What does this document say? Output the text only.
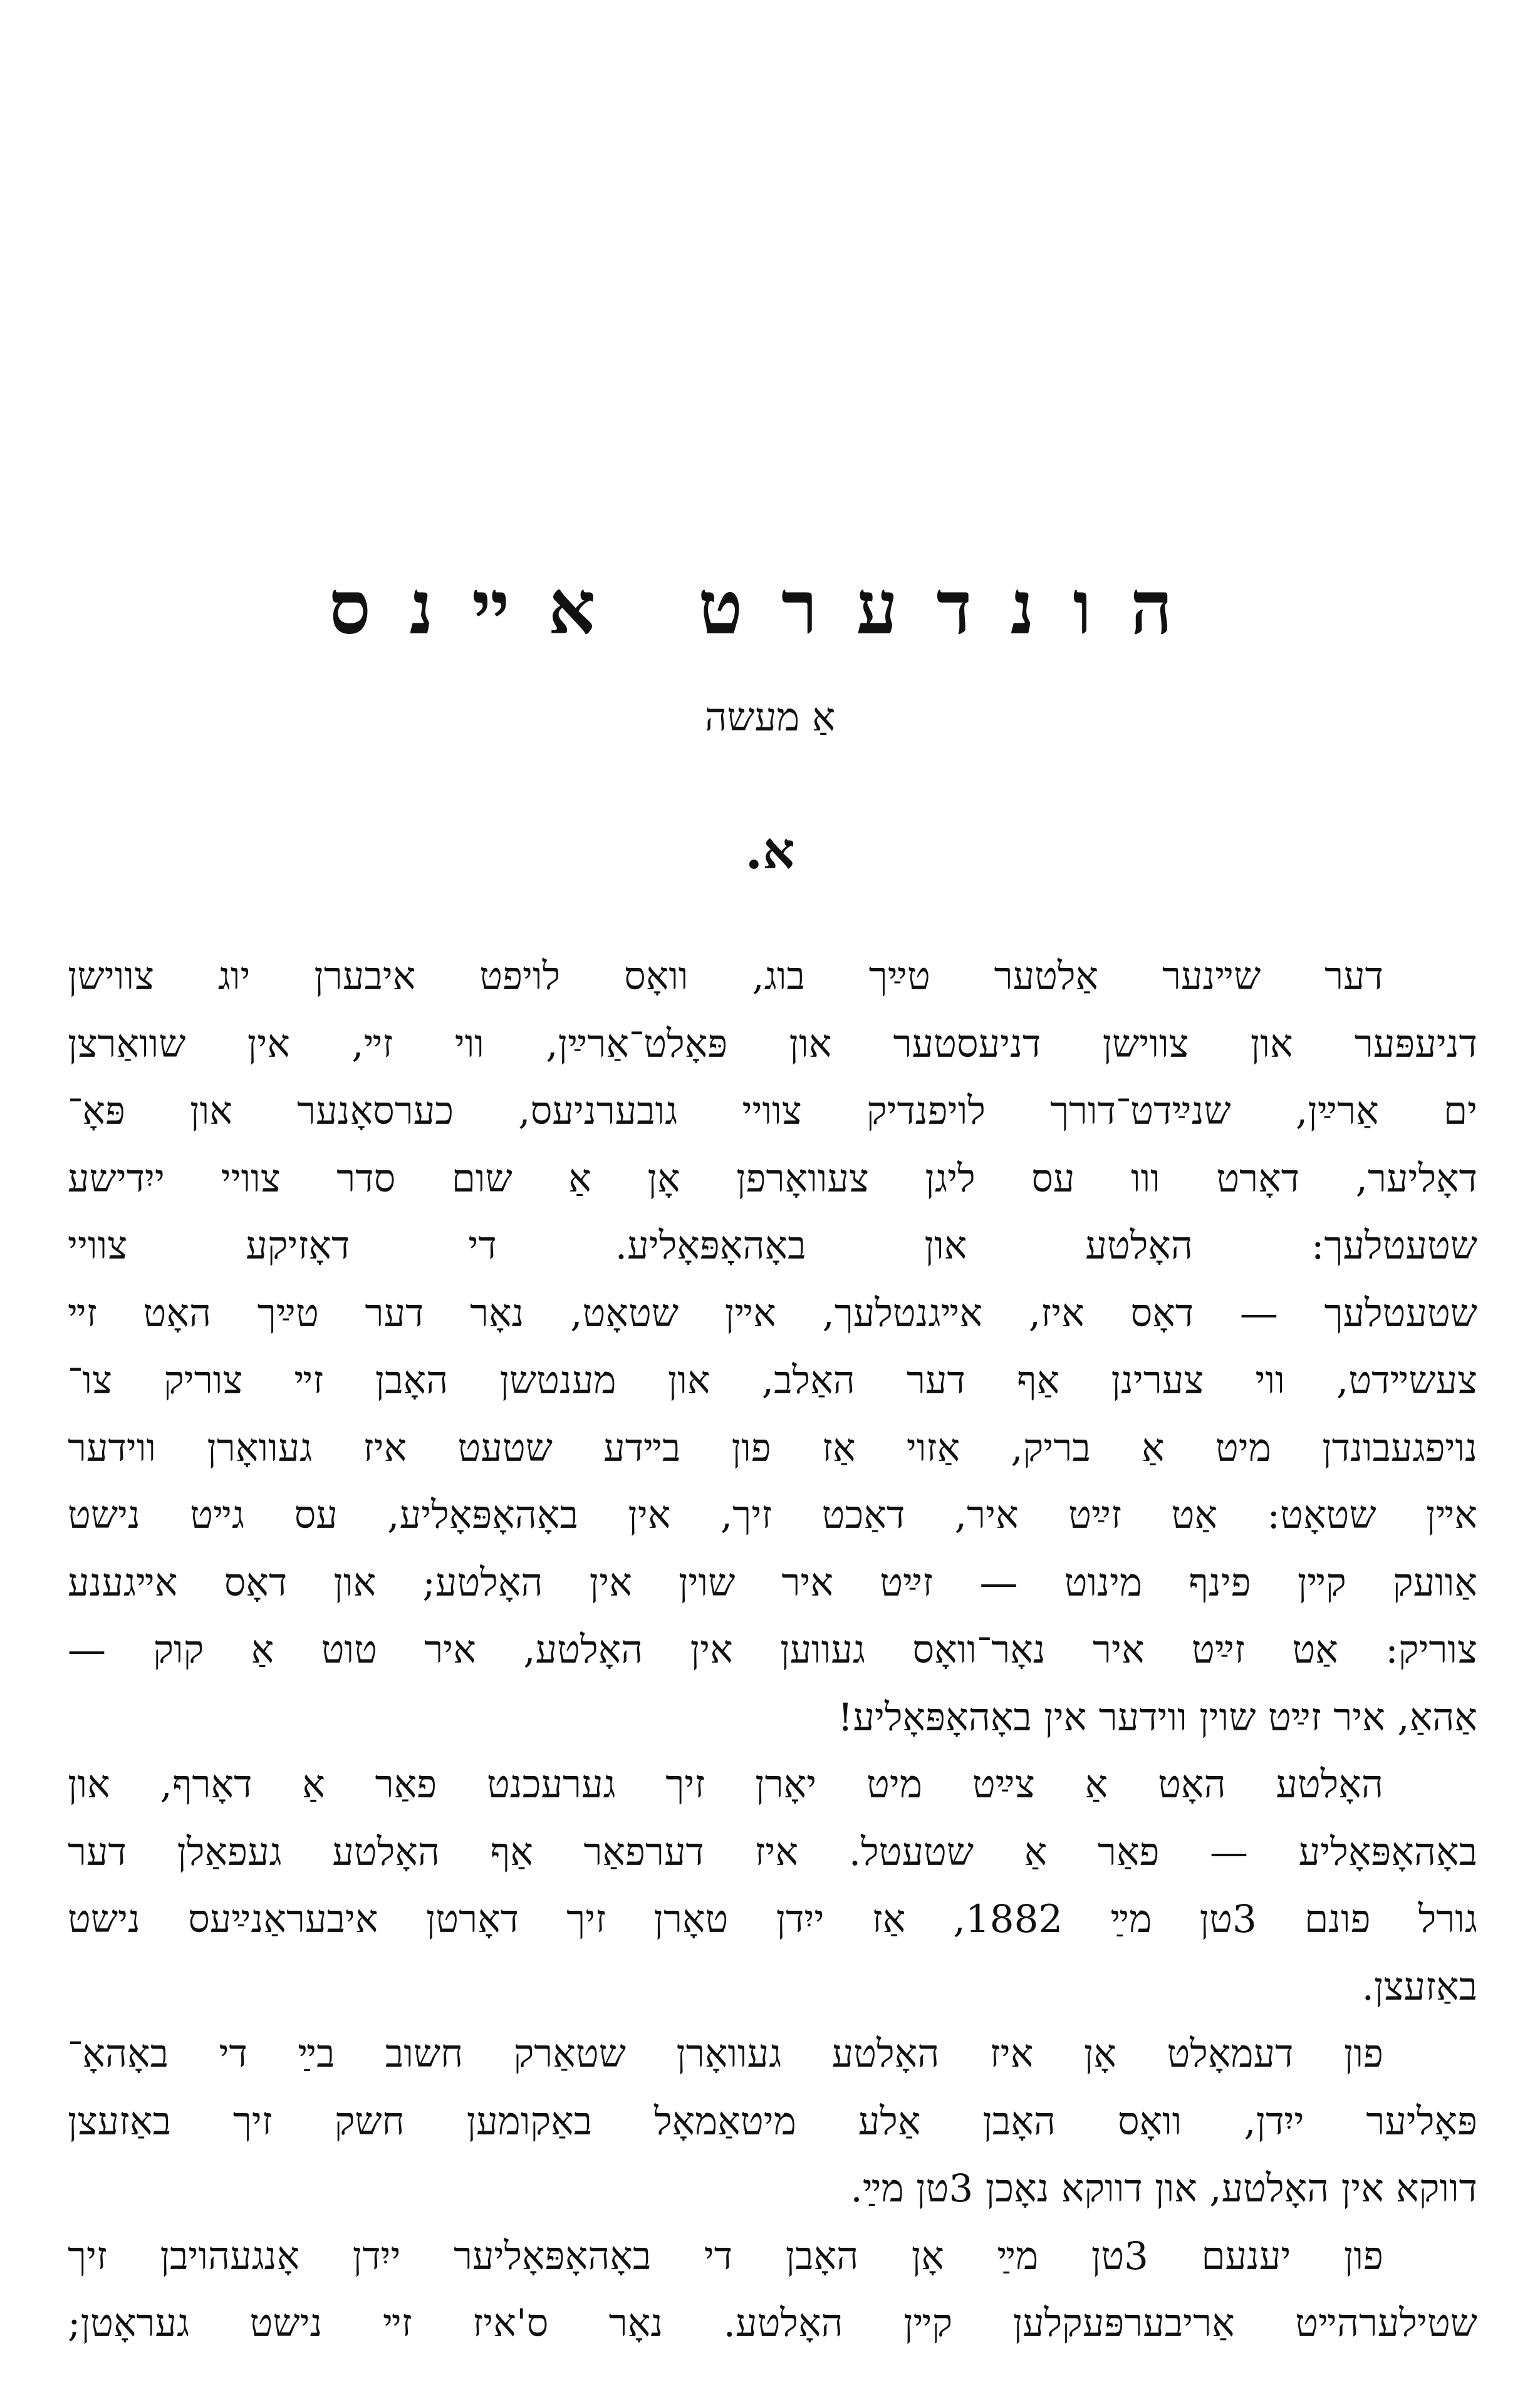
הונדערט אײנס
אַ מעשה
א.
דער שײנער אַלטער טײַך בוג, וואָס לויפט איבערן יוג צווישן
דניעפּער און צווישן דניעסטער און פּאָלט־אַרײַן, ווי זײ, אין שוואַרצן
ים אַרײַן, שנײַדט־דורך לויפנדיק צוויי גובערניעס, כערסאָנער און פּאָ־
דאָליער, דאָרט ווו עס ליגן צעוואָרפן אָן אַ שום סדר צוויי ייִדישע
שטעטלעך: האָלטע און באָהאָפּאָליע. די דאָזיקע צוויי
שטעטלעך — דאָס איז, אײגנטלעך, אײן שטאָט, נאָר דער טײַך האָט זײ
צעשײדט, ווי צערינן אַף דער האַלב, און מענטשן האָבן זײ צוריק צו־
נויפגעבונדן מיט אַ בריק, אַזוי אַז פון בײדע שטעט איז געוואָרן ווידער
אײן שטאָט: אַט זײַט איר, דאַכט זיך, אין באָהאָפּאָליע, עס גײט נישט
אַוועק קײן פינף מינוט — זײַט איר שוין אין האָלטע; און דאָס אײגענע
צוריק: אַט זײַט איר נאָר־וואָס געווען אין האָלטע, איר טוט אַ קוק —
אַהאַ, איר זײַט שוין ווידער אין באָהאָפּאָליע!
האָלטע האָט אַ צײַט מיט יאָרן זיך גערעכנט פאַר אַ דאָרף, און
באָהאָפּאָליע — פאַר אַ שטעטל. איז דערפאַר אַף האָלטע געפאַלן דער
גורל פונם 3טן מײַ 1882, אַז ייִדן טאָרן זיך דאָרטן איבעראַנײַעס נישט
באַזעצן.
פון דעמאָלט אָן איז האָלטע געוואָרן שטאַרק חשוב בײַ די באָהאָ־
פּאָליער ייִדן, וואָס האָבן אַלע מיטאַמאָל באַקומען חשק זיך באַזעצן
דווקא אין האָלטע, און דווקא נאָכן 3טן מײַ.
פון יענעם 3טן מײַ אָן האָבן די באָהאָפּאָליער ייִדן אָנגעהויבן זיך
שטילערהײט אַריבערפּעקלען קײן האָלטע. נאָר ס'איז זײ נישט געראָטן;
